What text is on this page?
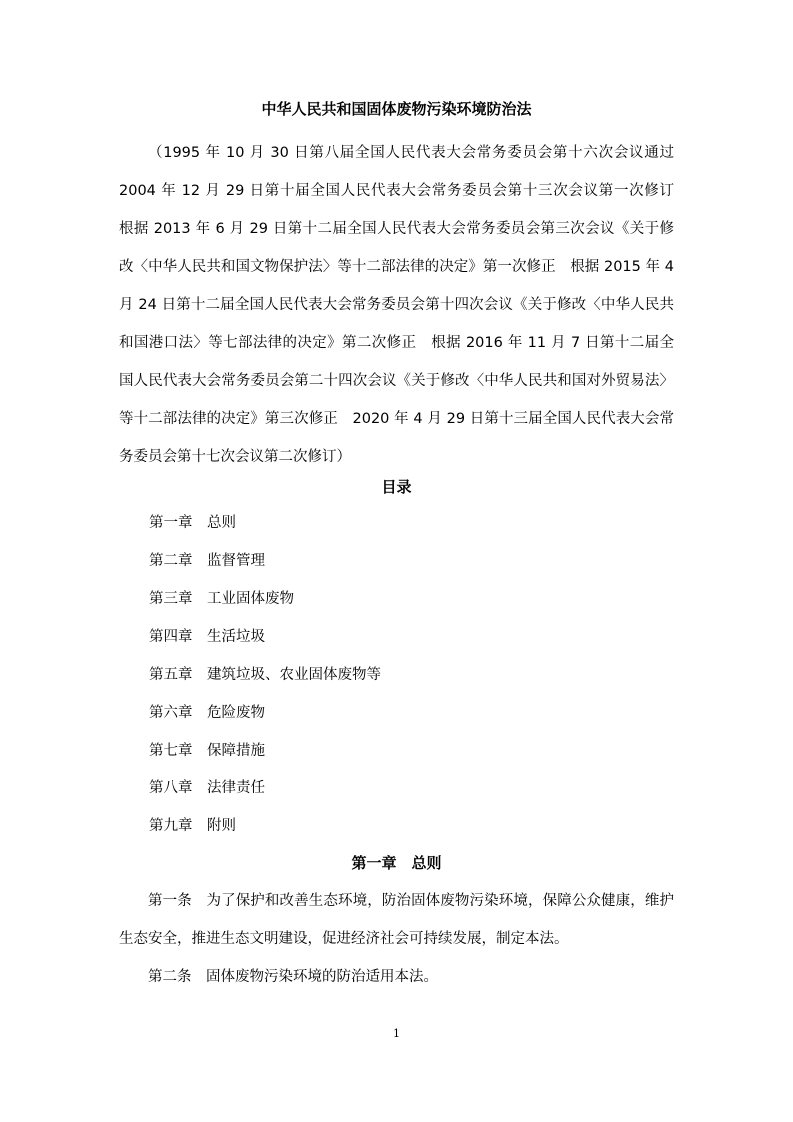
中华人民共和国固体废物污染环境防治法
（1995 年 10 月 30 日第八届全国人民代表大会常务委员会第十六次会议通过　2004 年 12 月 29 日第十届全国人民代表大会常务委员会第十三次会议第一次修订　根据 2013 年 6 月 29 日第十二届全国人民代表大会常务委员会第三次会议《关于修改〈中华人民共和国文物保护法〉等十二部法律的决定》第一次修正　根据 2015 年 4 月 24 日第十二届全国人民代表大会常务委员会第十四次会议《关于修改〈中华人民共和国港口法〉等七部法律的决定》第二次修正　根据 2016 年 11 月 7 日第十二届全国人民代表大会常务委员会第二十四次会议《关于修改〈中华人民共和国对外贸易法〉等十二部法律的决定》第三次修正　2020 年 4 月 29 日第十三届全国人民代表大会常务委员会第十七次会议第二次修订）
目录
第一章 总则
第二章 监督管理
第三章 工业固体废物
第四章 生活垃圾
第五章 建筑垃圾、农业固体废物等
第六章 危险废物
第七章 保障措施
第八章 法律责任
第九章 附则
第一章　总则
第一条　 为了保护和改善生态环境，防治固体废物污染环境，保障公众健康，维护生态安全，推进生态文明建设，促进经济社会可持续发展，制定本法。
第二条　 固体废物污染环境的防治适用本法。
1
